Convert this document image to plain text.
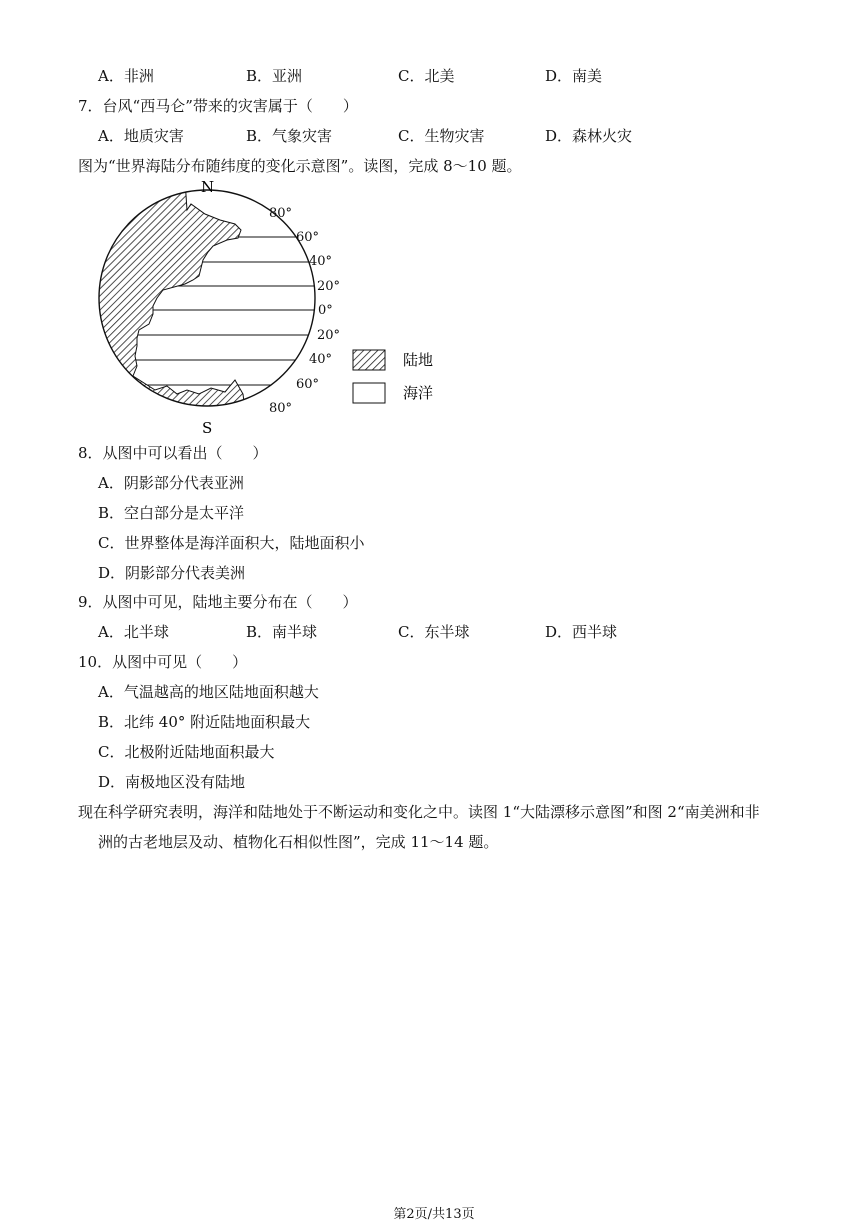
A．非洲	B．亚洲	C．北美	D．南美
7．台风“西马仑”带来的灾害属于（　　）
A．地质灾害	B．气象灾害	C．生物灾害	D．森林火灾
图为“世界海陆分布随纬度的变化示意图”。读图，完成 8～10 题。
N
S
80°
60°
40°
20°
0°
20°
40°
60°
80°
陆地
海洋
8．从图中可以看出（　　）
A．阴影部分代表亚洲
B．空白部分是太平洋
C．世界整体是海洋面积大，陆地面积小
D．阴影部分代表美洲
9．从图中可见，陆地主要分布在（　　）
A．北半球	B．南半球	C．东半球	D．西半球
10．从图中可见（　　）
A．气温越高的地区陆地面积越大
B．北纬 40° 附近陆地面积最大
C．北极附近陆地面积最大
D．南极地区没有陆地
现在科学研究表明，海洋和陆地处于不断运动和变化之中。读图 1“大陆漂移示意图”和图 2“南美洲和非
洲的古老地层及动、植物化石相似性图”，完成 11～14 题。
第2页/共13页
